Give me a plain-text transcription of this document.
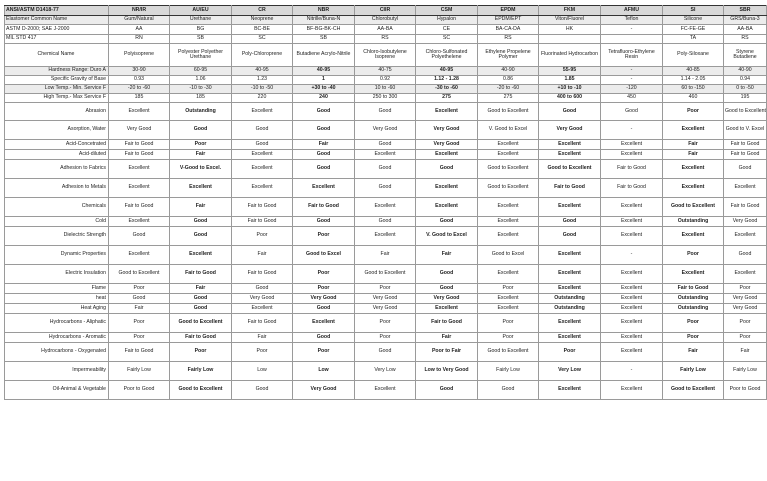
ANSI/ASTM D1418-77	NR/IR	AU/EU	CR	NBR	CIIR	CSM	EPDM	FKM	AFMU	SI	SBR
Elastomer Common Name	Gum/Natural	Urethane	Neoprene	Nitrille/Buna-N	Chlorobutyl	Hypalon	EPDM/EPT	Viton/Fluorel	Teflon	Silicone	GRS/Buna-3
ASTM D-2000; SAE J-2000	AA	BG	BC-BE	BF-BG-BK-CH	AA-BA	CE	BA-CA-DA	HK	-	FC-FE-GE	AA-BA
MIL STD 417	RN	SB	SC	SB	RS	SC	RS			TA	RS
Chemical Name	Polyisoprene	Polyester Polyether Urethane	Poly-Chloroprene	Butadiene Acrylo-Nitrile	Chloro-Isobutylene Isoprene	Chloro-Sulfonated Polyethelene	Ethylene Propelene Polymer	Fluorinated Hydrocarbon	Tetrafluoro-Ethylene Resin	Poly-Siloxane	Styrene Butadiene
Hardness Range: Duro A	30-90	60-95	40-95	40-95	40-75	40-95	40-90	55-95	-	40-85	40-90
Specific Gravity of Base	0.93	1.06	1.23	1	0.92	1.12 - 1.28	0.86	1.85	-	1.14 - 2.05	0.94
Low Temp.- Min. Service F	-20 to -60	-10 to -30	-10 to -50	+30 to -40	10 to -60	-30 to -60	-20 to -60	+10 to -10	-120	60 to -150	0 to -50
High Temp.- Max Service F	185	185	220	240	250 to 300	275	275	400 to 600	450	460	195
Abrasion	Excellent	Outstanding	Excellent	Good	Good	Excellent	Good to Excellent	Good	Good	Poor	Good to Excellent
Asorption, Water	Very Good	Good	Good	Good	Very Good	Very Good	V. Good to Excel	Very Good	-	Excellent	Good to V. Excel
Acid-Concetrated	Fair to Good	Poor	Good	Fair	Good	Very Good	Excellent	Excellent	Excellent	Fair	Fair to Good
Acid-diluted	Fair to Good	Fair	Excellent	Good	Excellent	Excellent	Excellent	Excellent	Excellent	Fair	Fair to Good
Adhesion to Fabrics	Excellent	V-Good to Excel.	Excellent	Good	Good	Good	Good to Excellent	Good to Excellent	Fair to Good	Excellent	Good
Adhesion to Metals	Excellent	Excellent	Excellent	Excellent	Good	Excellent	Good to Excellent	Fair to Good	Fair to Good	Excellent	Excellent
Chemicals	Fair to Good	Fair	Fair to Good	Fair to Good	Excellent	Excellent	Excellent	Excellent	Excellent	Good to Excellent	Fair to Good
Cold	Excellent	Good	Fair to Good	Good	Good	Good	Excellent	Good	Excellent	Outstanding	Very Good
Dielectric Strength	Good	Good	Poor	Poor	Excellent	V. Good to Excel	Excellent	Good	Excellent	Excellent	Excellent
Dynamic Properties	Excellent	Excellent	Fair	Good to Excel	Fair	Fair	Good to Excel	Excellent	-	Poor	Good
Electric Insulation	Good to Excellent	Fair to Good	Fair to Good	Poor	Good to Excellent	Good	Excellent	Excellent	Excellent	Excellent	Excellent
Flame	Poor	Fair	Good	Poor	Poor	Good	Poor	Excellent	Excellent	Fair to Good	Poor
heat	Good	Good	Very Good	Very Good	Very Good	Very Good	Excellent	Outstanding	Excellent	Outstanding	Very Good
Heat Aging	Fair	Good	Excellent	Good	Very Good	Excellent	Excellent	Outstanding	Excellent	Outstanding	Very Good
Hydrocarbons - Aliphatic	Poor	Good to Excellent	Fair to Good	Excellent	Poor	Fair to Good	Poor	Excellent	Excellent	Poor	Poor
Hydrocarbons - Aromatic	Poor	Fair to Good	Fair	Good	Poor	Fair	Poor	Excellent	Excellent	Poor	Poor
Hydrocarbons - Oxygenated	Fair to Good	Poor	Poor	Poor	Good	Poor to Fair	Good to Excellent	Poor	Excellent	Fair	Fair
Impermeability	Fairly Low	Fairly Low	Low	Low	Very Low	Low to Very Good	Fairly Low	Very Low	-	Fairly Low	Fairly Low
Oil-Animal & Vegetable	Poor to Good	Good to Excellent	Good	Very Good	Excellent	Good	Good	Excellent	Excellent	Good to Excellent	Poor to Good
